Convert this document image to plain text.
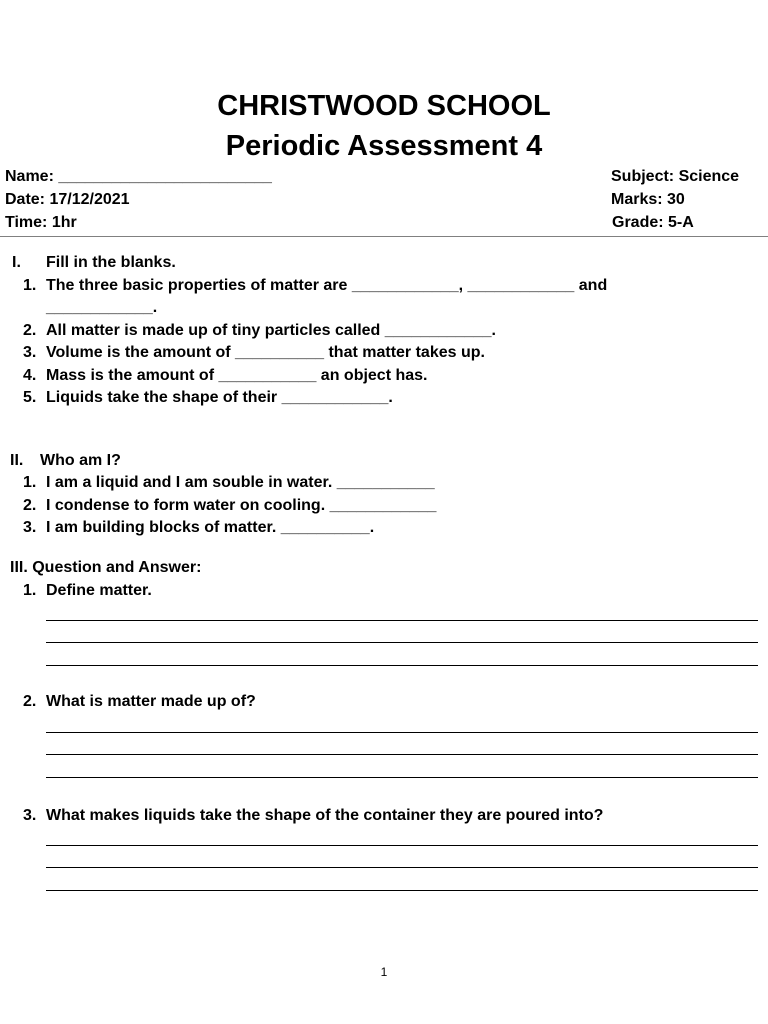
CHRISTWOOD SCHOOL
Periodic Assessment 4
Name: ________________________
Date: 17/12/2021
Time: 1hr
Subject: Science
Marks: 30
Grade: 5-A
I. Fill in the blanks.
1. The three basic properties of matter are ____________, ____________ and
____________.
2. All matter is made up of tiny particles called ____________.
3. Volume is the amount of __________ that matter takes up.
4. Mass is the amount of ___________ an object has.
5. Liquids take the shape of their ____________.
II. Who am I?
1. I am a liquid and I am souble in water. ___________
2. I condense to form water on cooling. ____________
3. I am building blocks of matter. __________.
III. Question and Answer:
1. Define matter.
2. What is matter made up of?
3. What makes liquids take the shape of the container they are poured into?
1
